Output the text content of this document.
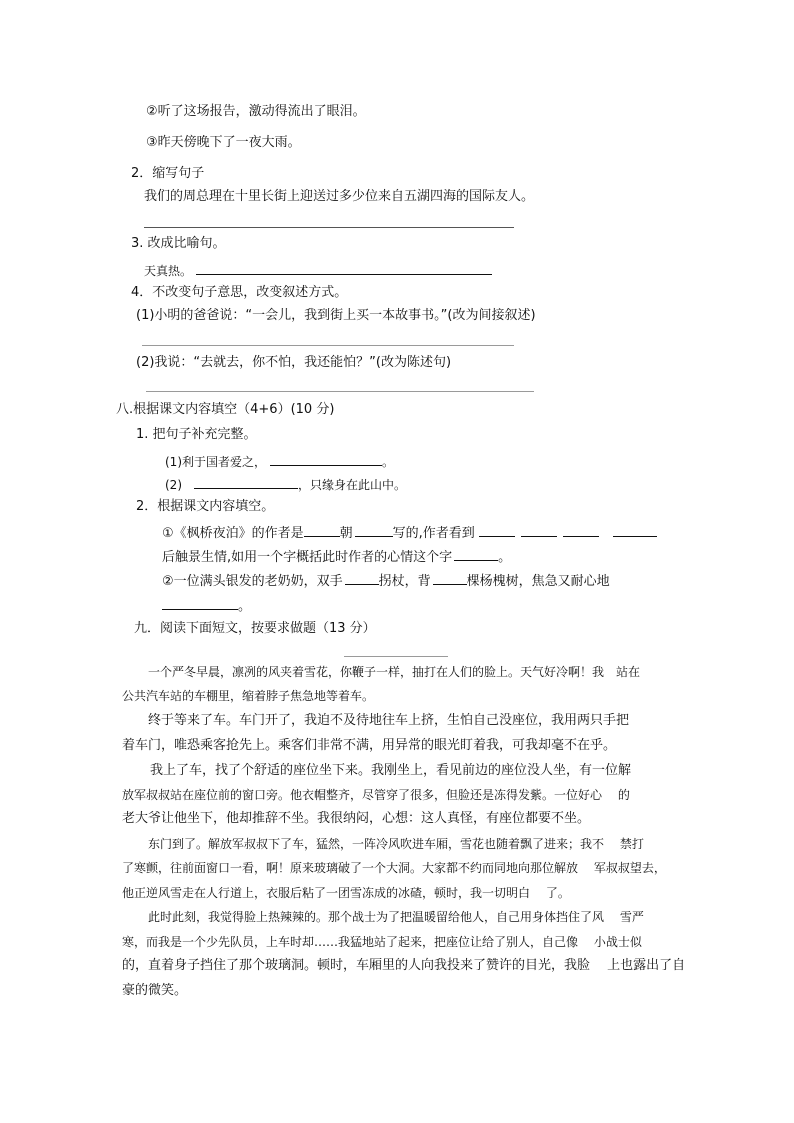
②听了这场报告，激动得流出了眼泪。
③昨天傍晚下了一夜大雨。
2．缩写句子
我们的周总理在十里长街上迎送过多少位来自五湖四海的国际友人。
3. 改成比喻句。
天真热。
4．不改变句子意思，改变叙述方式。
(1)小明的爸爸说：“一会儿，我到街上买一本故事书。”(改为间接叙述)
(2)我说：“去就去，你不怕，我还能怕？”(改为陈述句)
八.根据课文内容填空（4+6）(10 分)
1. 把句子补充完整。
(1)利于国者爱之，	。
(2)	，只缘身在此山中。
2．根据课文内容填空。
①《枫桥夜泊》的作者是	朝	写的,作者看到
后触景生情,如用一个字概括此时作者的心情这个字	。
②一位满头银发的老奶奶，双手	拐杖，背	棵杨槐树，焦急又耐心地
。
九．阅读下面短文，按要求做题（13 分）
一个严冬早晨，凛冽的风夹着雪花，你鞭子一样，抽打在人们的脸上。天气好冷啊！我　站在
公共汽车站的车棚里，缩着脖子焦急地等着车。
终于等来了车。车门开了，我迫不及待地往车上挤，生怕自己没座位，我用两只手把
着车门，唯恐乘客抢先上。乘客们非常不满，用异常的眼光盯着我，可我却毫不在乎。
我上了车，找了个舒适的座位坐下来。我刚坐上，看见前边的座位没人坐，有一位解
放军叔叔站在座位前的窗口旁。他衣帽整齐，尽管穿了很多，但脸还是冻得发紫。一位好心　 的
老大爷让他坐下，他却推辞不坐。我很纳闷，心想：这人真怪，有座位都要不坐。
东门到了。解放军叔叔下了车，猛然，一阵冷风吹进车厢，雪花也随着飘了进来；我不　 禁打
了寒颤，往前面窗口一看，啊！原来玻璃破了一个大洞。大家都不约而同地向那位解放　 军叔叔望去，
他正逆风雪走在人行道上，衣服后粘了一团雪冻成的冰碴，顿时，我一切明白　 了。
此时此刻，我觉得脸上热辣辣的。那个战士为了把温暖留给他人，自己用身体挡住了风　 雪严
寒，而我是一个少先队员，上车时却……我猛地站了起来，把座位让给了别人，自己像　 小战士似
的，直着身子挡住了那个玻璃洞。顿时，车厢里的人向我投来了赞许的目光，我脸　 上也露出了自
豪的微笑。
